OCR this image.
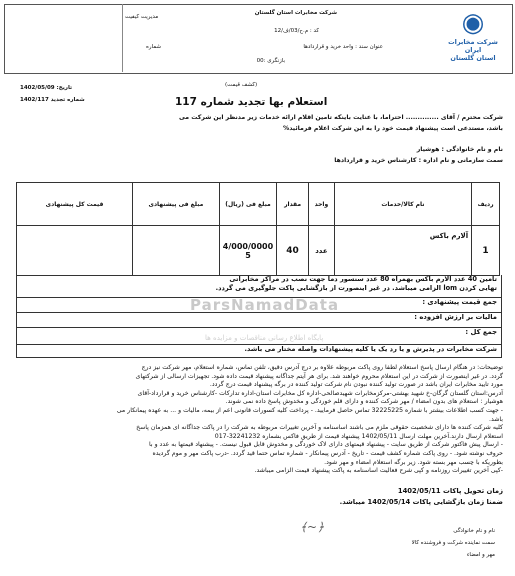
◉
شرکت مخابرات ایران
استان گلستان
شرکت مخابرات استان گلستان
مدیریت کیفیت
کد : م.ح/03/ف/12
عنوان سند : واحد خرید و قراردادها
شماره
بازنگری :00
تاریخ: 1402/05/09
شماره تجدید 1402/117
(کشف قیمت)
استعلام بها تجدید شماره 117
شرکت محترم / آقای .............. احتراما، با عنایت باینکه تامین اقلام ارائه خدمات زیر مدنظر این شرکت می
باشد، مستدعی است پیشنهاد قیمت خود را به این شرکت اعلام فرمائید%
نام و نام خانوادگی : هوشیار
سمت سازمانی و نام اداره : کارشناس خرید و قراردادها
ردیف	نام کالا/خدمات	واحد	مقدار	مبلغ فی (ریال)	مبلغ فی پیشنهادی	قیمت کل پیشنهادی
1	آلارم باکس	عدد	40	4/000/0000 5		
تامین 40 عدد الارم باکس بهمراه 80 عدد سنسور دما جهت نصب در مراکز مخابراتی
تهایی کردن lom الزامی میباشد. در غیر اینصورت از بازگشایی پاکت جلوگیری می گردد.
جمع قیمت پیشنهادی :
مالیات بر ارزش افزوده :
جمع کل :
شرکت مخابرات در پذیرش و یا رد یک یا کلیه پیشنهادات واصله مختار می باشد.
ParsNamadData
پایگاه اطلاع رسانی مناقصات و مزایده ها
توضیحات: در هنگام ارسال پاسخ استعلام لطفا روی پاکت مربوطه علاوه بر درج آدرس دقیق، تلفن تماس، شماره استعلام، مهر شرکت نیز درج
گردد. در غیر اینصورت از شرکت در این استعلام محروم خواهند شد. برای هر آیتم جداگانه پیشنهاد قیمت داده شود. تجهیزات ارسالی از شرکتهای
مورد تایید مخابرات ایران باشد در صورت تولید کننده نبودن نام شرکت تولید کننده در برگه پیشنهاد قیمت درج گردد.
آدرس:استان گلستان گرگان-خ شهید بهشتی-مرکزمخابرات شهیدصالحی-اداره کل مخابرات استان-اداره تدارکات -کارشناس خرید و قرارداد-آقای
هوشیار : استعلام های بدون امضاء / مهر شرکت کننده و دارای قلم خوردگی و مخدوش پاسخ داده نمی شوند.
- جهت کسب اطلاعات بیشتر با شماره 32225225 تماس حاصل فرمایید. - پرداخت کلیه کسورات قانونی اعم از بیمه، مالیات و ... به عهده پیمانکار می
باشد.
کلیه شرکت کننده ها دارای شخصیت حقوقی ملزم می باشند اساسنامه و آخرین تغییرات مربوطه به شرکت را در پاکت جداگانه ای همزمان پاسخ
استعلام ارسال دارند.آخرین مهلت ارسال 1402/05/11 پیشنهاد قیمت از طریق فاکس بشماره 32241232-017
- ارسال پیش فاکتور شرکت از طریق سایت - پیشنهاد قیمتهای دارای لاک خوردگی و مخدوش قابل قبول نیست. - پیشنهاد قیمتها به عدد و با
حروف نوشته شود. - روی پاکت شماره کشف قیمت - تاریخ - آدرس پیمانکار - شماره تماس حتما قید گردد. -درب پاکت مهر و موم گردیده
بطوریکه با چسب مهر بسته شود. زیر برگه استعلام امضاء و مهر شود.
-کپی آخرین تغییرات روزنامه و کپی شرح فعالیت اساسنامه به پاکت پیشنهاد قیمت الزامی میباشد.
زمان تحویل پاکات 1402/05/11
ضمنا زمان بازگشایی پاکات 1402/05/14 میباشد.
﴾~﴿	نام و نام خانوادگی
سمت نماینده شرکت و فروشنده کالا
مهر و امضاء
